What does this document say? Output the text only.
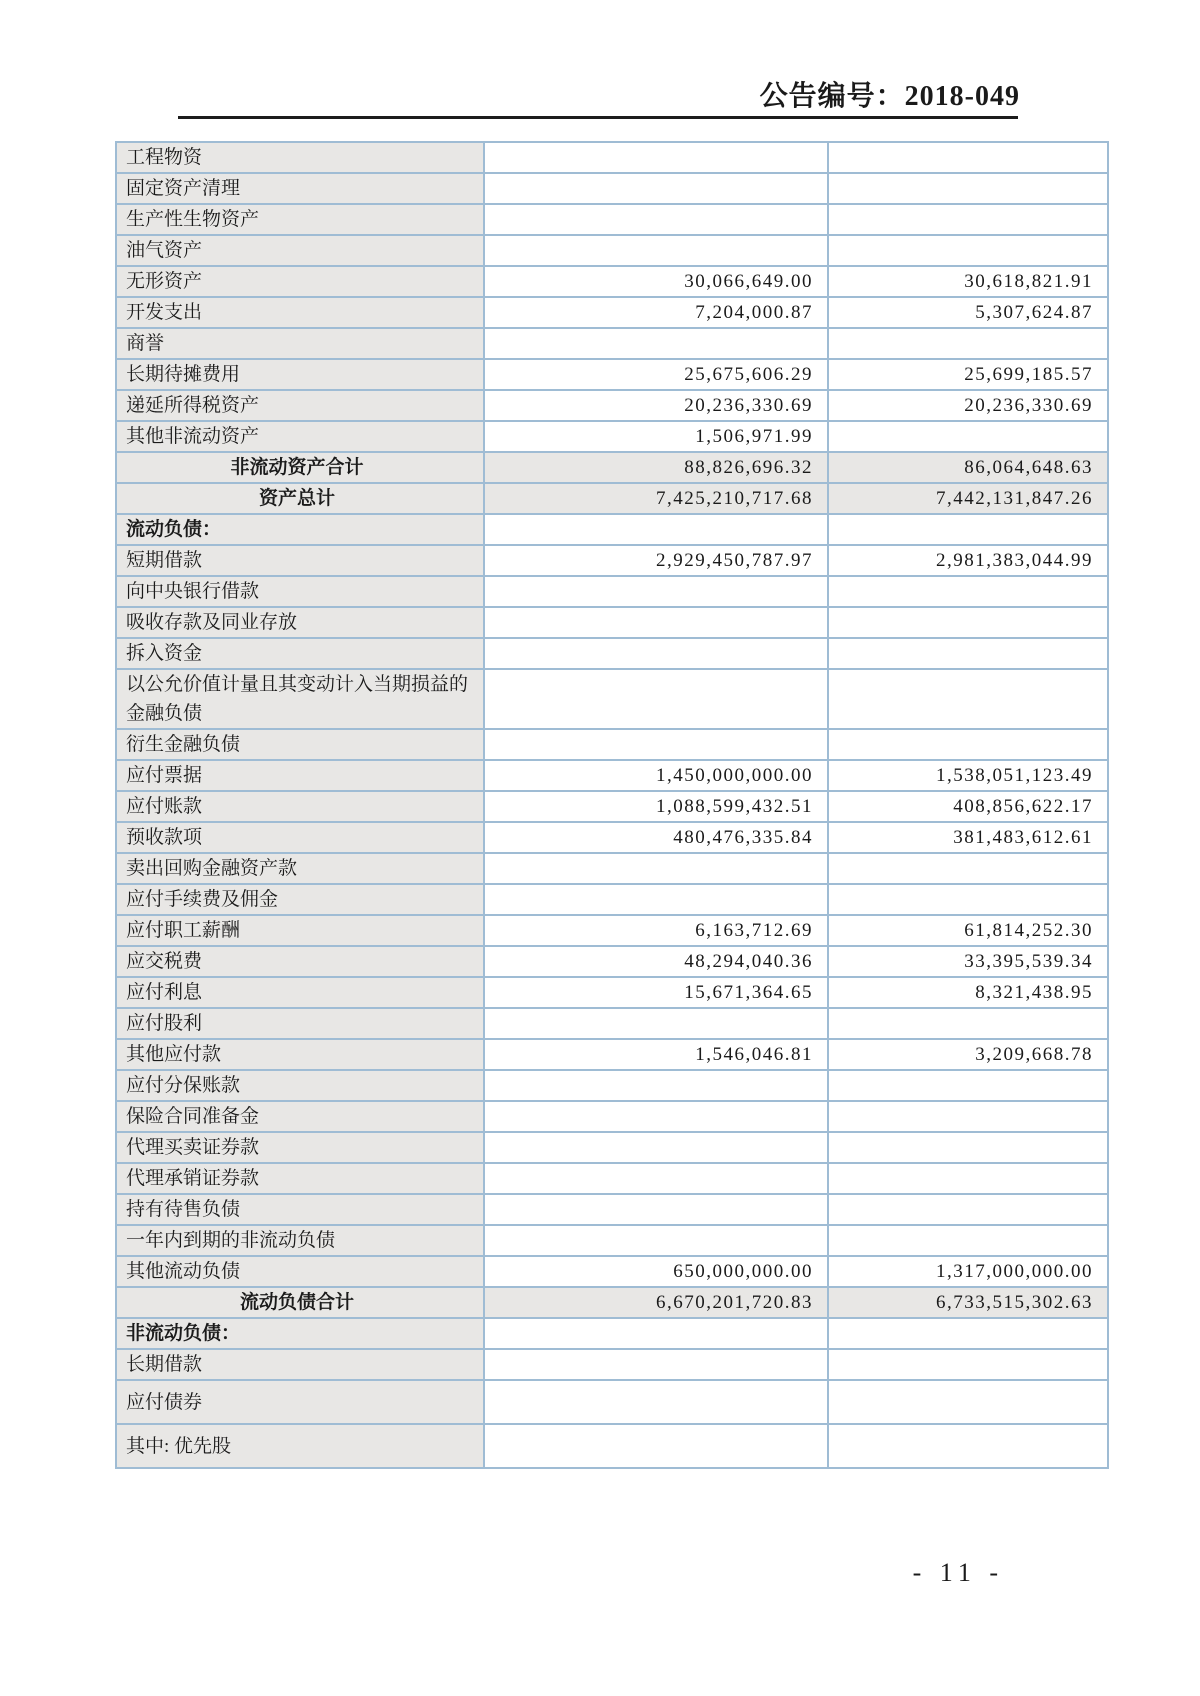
公告编号：2018-049
工程物资		
固定资产清理		
生产性生物资产		
油气资产		
无形资产	30,066,649.00	30,618,821.91
开发支出	7,204,000.87	5,307,624.87
商誉		
长期待摊费用	25,675,606.29	25,699,185.57
递延所得税资产	20,236,330.69	20,236,330.69
其他非流动资产	1,506,971.99	
非流动资产合计	88,826,696.32	86,064,648.63
资产总计	7,425,210,717.68	7,442,131,847.26
流动负债：		
短期借款	2,929,450,787.97	2,981,383,044.99
向中央银行借款		
吸收存款及同业存放		
拆入资金		
以公允价值计量且其变动计入当期损益的金融负债		
衍生金融负债		
应付票据	1,450,000,000.00	1,538,051,123.49
应付账款	1,088,599,432.51	408,856,622.17
预收款项	480,476,335.84	381,483,612.61
卖出回购金融资产款		
应付手续费及佣金		
应付职工薪酬	6,163,712.69	61,814,252.30
应交税费	48,294,040.36	33,395,539.34
应付利息	15,671,364.65	8,321,438.95
应付股利		
其他应付款	1,546,046.81	3,209,668.78
应付分保账款		
保险合同准备金		
代理买卖证券款		
代理承销证券款		
持有待售负债		
一年内到期的非流动负债		
其他流动负债	650,000,000.00	1,317,000,000.00
流动负债合计	6,670,201,720.83	6,733,515,302.63
非流动负债：		
长期借款		
应付债券		
其中: 优先股		
- 11 -
